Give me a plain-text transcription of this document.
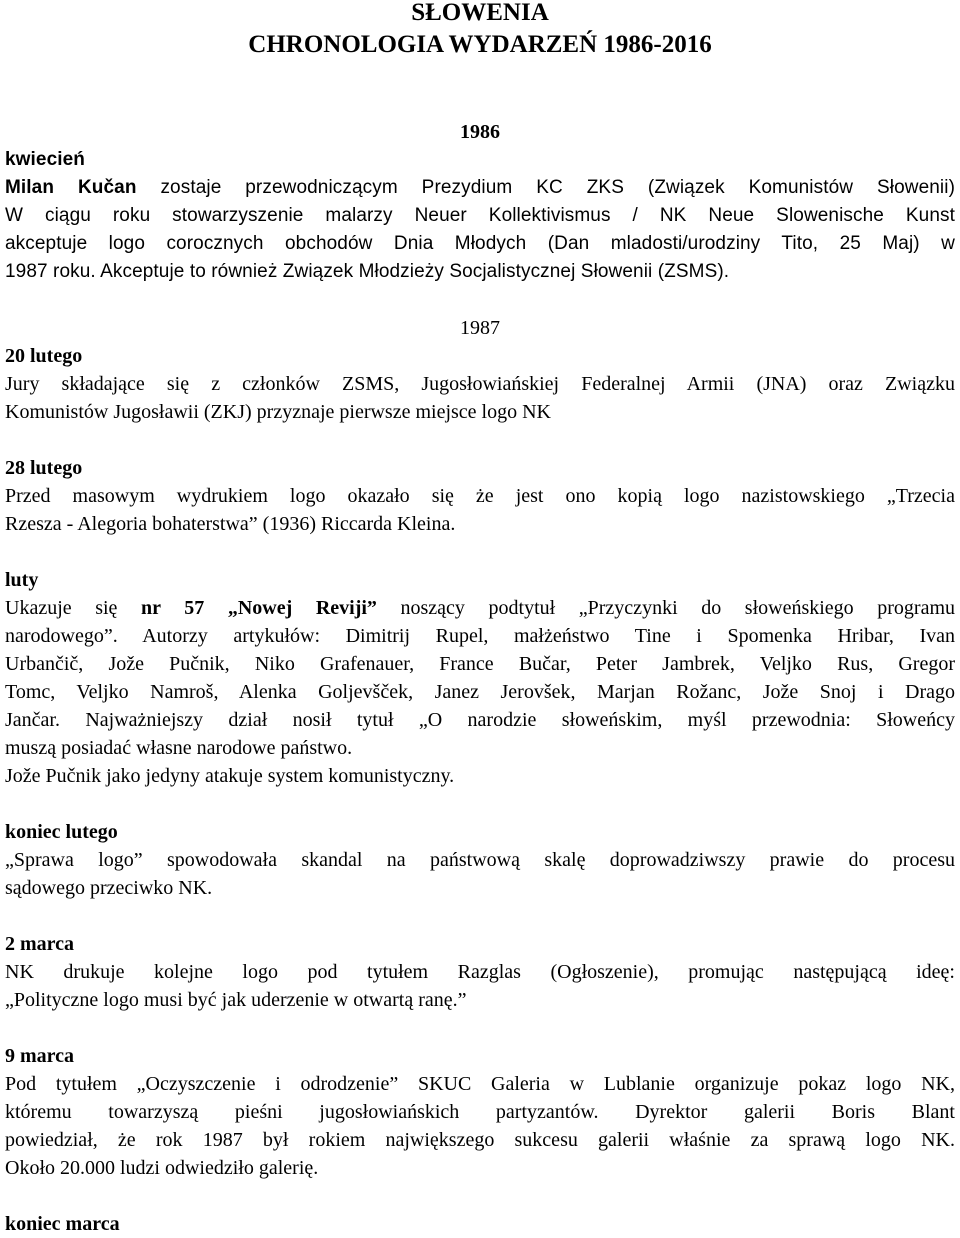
SŁOWENIA
CHRONOLOGIA WYDARZEŃ 1986-2016
1986
kwiecień
Milan Kučan zostaje przewodniczącym Prezydium KC ZKS (Związek Komunistów Słowenii)
W ciągu roku stowarzyszenie malarzy Neuer Kollektivismus / NK Neue Slowenische Kunst
akceptuje logo corocznych obchodów Dnia Młodych (Dan mladosti/urodziny Tito, 25 Maj) w
1987 roku. Akceptuje to również Związek Młodzieży Socjalistycznej Słowenii (ZSMS).
1987
20 lutego
Jury składające się z członków ZSMS, Jugosłowiańskiej Federalnej Armii (JNA) oraz Związku
Komunistów Jugosławii (ZKJ) przyznaje pierwsze miejsce logo NK
28 lutego
Przed masowym wydrukiem logo okazało się że jest ono kopią logo nazistowskiego „Trzecia
Rzesza - Alegoria bohaterstwa” (1936) Riccarda Kleina.
luty
Ukazuje się nr 57 „Nowej Reviji” noszący podtytuł „Przyczynki do słoweńskiego programu
narodowego”. Autorzy artykułów: Dimitrij Rupel, małżeństwo Tine i Spomenka Hribar, Ivan
Urbančič, Jože Pučnik, Niko Grafenauer, France Bučar, Peter Jambrek, Veljko Rus, Gregor
Tomc, Veljko Namroš, Alenka Goljevšček, Janez Jerovšek, Marjan Rožanc, Jože Snoj i Drago
Jančar. Najważniejszy dział nosił tytuł „O narodzie słoweńskim, myśl przewodnia: Słoweńcy
muszą posiadać własne narodowe państwo.
Jože Pučnik jako jedyny atakuje system komunistyczny.
koniec lutego
„Sprawa logo” spowodowała skandal na państwową skalę doprowadziwszy prawie do procesu
sądowego przeciwko NK.
2 marca
NK drukuje kolejne logo pod tytułem Razglas (Ogłoszenie), promując następującą ideę:
„Polityczne logo musi być jak uderzenie w otwartą ranę.”
9 marca
Pod tytułem „Oczyszczenie i odrodzenie” SKUC Galeria w Lublanie organizuje pokaz logo NK,
któremu towarzyszą pieśni jugosłowiańskich partyzantów. Dyrektor galerii Boris Blant
powiedział, że rok 1987 był rokiem największego sukcesu galerii właśnie za sprawą logo NK.
Około 20.000 ludzi odwiedziło galerię.
koniec marca
